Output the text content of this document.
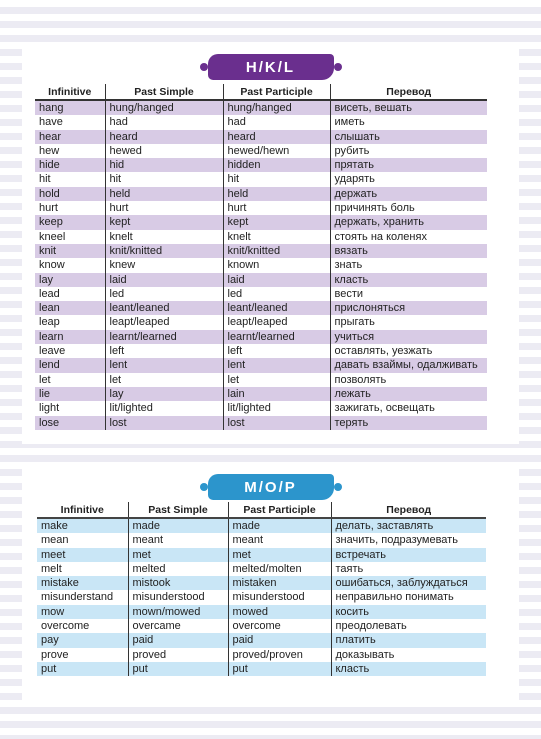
H/K/L
Infinitive	Past Simple	Past Participle	Перевод
hang	hung/hanged	hung/hanged	висеть, вешать
have	had	had	иметь
hear	heard	heard	слышать
hew	hewed	hewed/hewn	рубить
hide	hid	hidden	прятать
hit	hit	hit	ударять
hold	held	held	держать
hurt	hurt	hurt	причинять боль
keep	kept	kept	держать, хранить
kneel	knelt	knelt	стоять на коленях
knit	knit/knitted	knit/knitted	вязать
know	knew	known	знать
lay	laid	laid	класть
lead	led	led	вести
lean	leant/leaned	leant/leaned	прислоняться
leap	leapt/leaped	leapt/leaped	прыгать
learn	learnt/learned	learnt/learned	учиться
leave	left	left	оставлять, уезжать
lend	lent	lent	давать взаймы, одалживать
let	let	let	позволять
lie	lay	lain	лежать
light	lit/lighted	lit/lighted	зажигать, освещать
lose	lost	lost	терять
M/O/P
Infinitive	Past Simple	Past Participle	Перевод
make	made	made	делать, заставлять
mean	meant	meant	значить, подразумевать
meet	met	met	встречать
melt	melted	melted/molten	таять
mistake	mistook	mistaken	ошибаться, заблуждаться
misunderstand	misunderstood	misunderstood	неправильно понимать
mow	mown/mowed	mowed	косить
overcome	overcame	overcome	преодолевать
pay	paid	paid	платить
prove	proved	proved/proven	доказывать
put	put	put	класть
